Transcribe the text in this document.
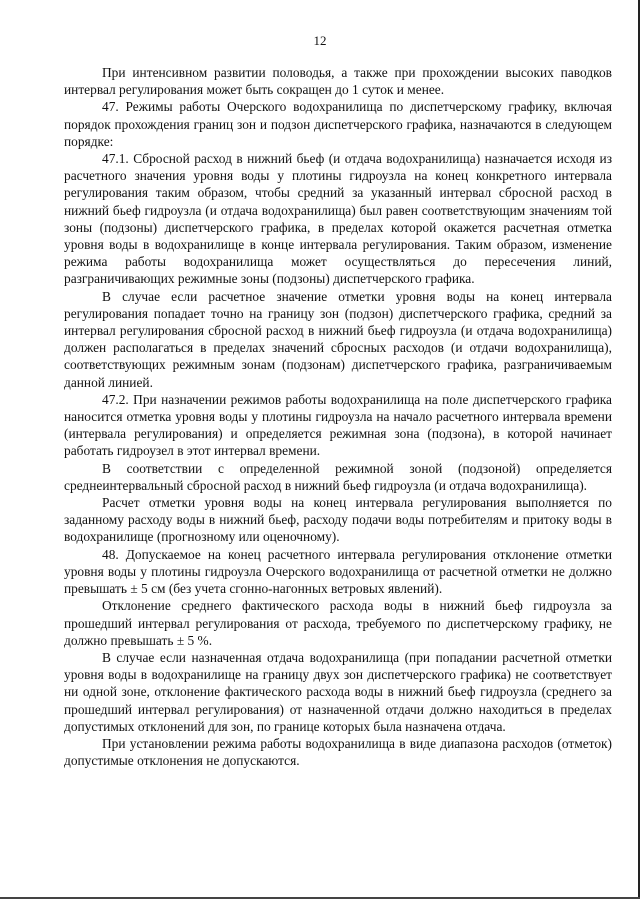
12

При интенсивном развитии половодья, а также при прохождении высоких паводков интервал регулирования может быть сокращен до 1 суток и менее.

47. Режимы работы Очерского водохранилища по диспетчерскому графику, включая порядок прохождения границ зон и подзон диспетчерского графика, назначаются в следующем порядке:

47.1. Сбросной расход в нижний бьеф (и отдача водохранилища) назначается исходя из расчетного значения уровня воды у плотины гидроузла на конец конкретного интервала регулирования таким образом, чтобы средний за указанный интервал сбросной расход в нижний бьеф гидроузла (и отдача водохранилища) был равен соответствующим значениям той зоны (подзоны) диспетчерского графика, в пределах которой окажется расчетная отметка уровня воды в водохранилище в конце интервала регулирования. Таким образом, изменение режима работы водохранилища может осуществляться до пересечения линий, разграничивающих режимные зоны (подзоны) диспетчерского графика.

В случае если расчетное значение отметки уровня воды на конец интервала регулирования попадает точно на границу зон (подзон) диспетчерского графика, средний за интервал регулирования сбросной расход в нижний бьеф гидроузла (и отдача водохранилища) должен располагаться в пределах значений сбросных расходов (и отдачи водохранилища), соответствующих режимным зонам (подзонам) диспетчерского графика, разграничиваемым данной линией.

47.2. При назначении режимов работы водохранилища на поле диспетчерского графика наносится отметка уровня воды у плотины гидроузла на начало расчетного интервала времени (интервала регулирования) и определяется режимная зона (подзона), в которой начинает работать гидроузел в этот интервал времени.

В соответствии с определенной режимной зоной (подзоной) определяется среднеинтервальный сбросной расход в нижний бьеф гидроузла (и отдача водохранилища).

Расчет отметки уровня воды на конец интервала регулирования выполняется по заданному расходу воды в нижний бьеф, расходу подачи воды потребителям и притоку воды в водохранилище (прогнозному или оценочному).

48. Допускаемое на конец расчетного интервала регулирования отклонение отметки уровня воды у плотины гидроузла Очерского водохранилища от расчетной отметки не должно превышать ± 5 см (без учета сгонно-нагонных ветровых явлений).

Отклонение среднего фактического расхода воды в нижний бьеф гидроузла за прошедший интервал регулирования от расхода, требуемого по диспетчерскому графику, не должно превышать ± 5 %.

В случае если назначенная отдача водохранилища (при попадании расчетной отметки уровня воды в водохранилище на границу двух зон диспетчерского графика) не соответствует ни одной зоне, отклонение фактического расхода воды в нижний бьеф гидроузла (среднего за прошедший интервал регулирования) от назначенной отдачи должно находиться в пределах допустимых отклонений для зон, по границе которых была назначена отдача.

При установлении режима работы водохранилища в виде диапазона расходов (отметок) допустимые отклонения не допускаются.
